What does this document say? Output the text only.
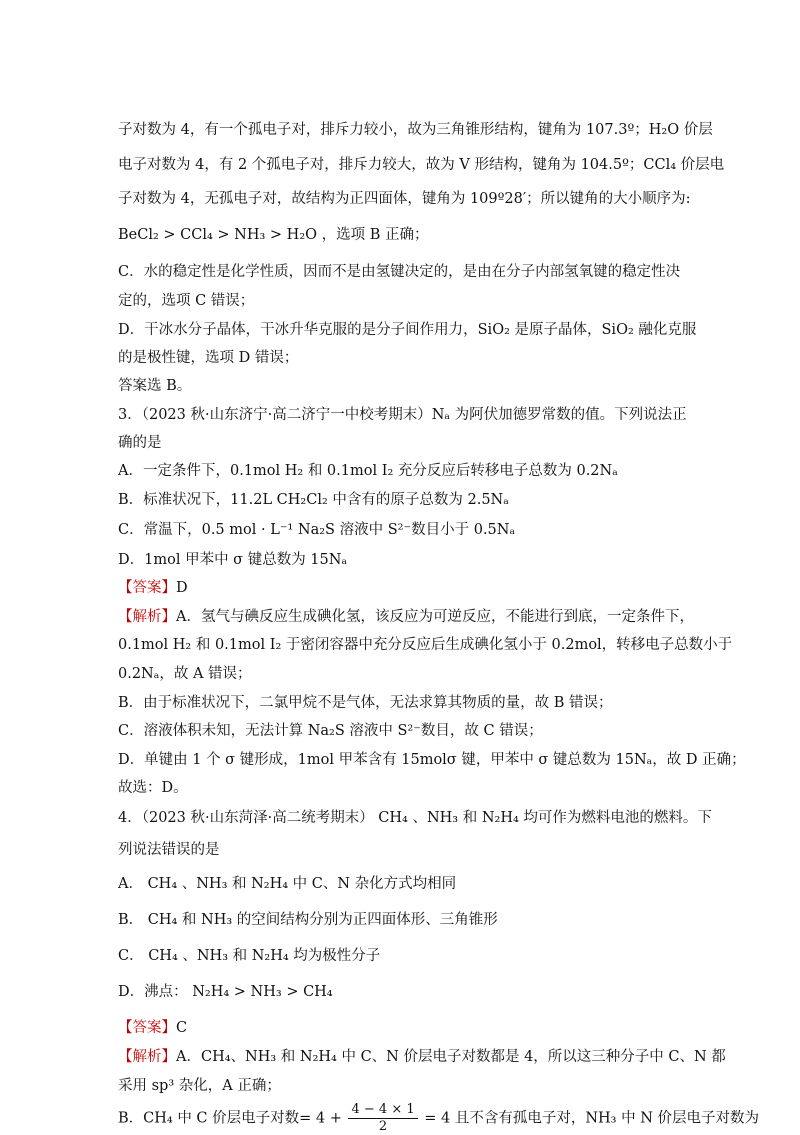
子对数为 4，有一个孤电子对，排斥力较小，故为三角锥形结构，键角为 107.3º；H₂O 价层
电子对数为 4，有 2 个孤电子对，排斥力较大，故为 V 形结构，键角为 104.5º；CCl₄ 价层电
子对数为 4，无孤电子对，故结构为正四面体，键角为 109º28′；所以键角的大小顺序为:
BeCl₂ > CCl₄ > NH₃ > H₂O ，选项 B 正确；
C．水的稳定性是化学性质，因而不是由氢键决定的，是由在分子内部氢氧键的稳定性决
定的，选项 C 错误；
D．干冰水分子晶体，干冰升华克服的是分子间作用力，SiO₂ 是原子晶体，SiO₂ 融化克服
的是极性键，选项 D 错误；
答案选 B。
3．（2023 秋·山东济宁·高二济宁一中校考期末）Nₐ 为阿伏加德罗常数的值。下列说法正
确的是
A．一定条件下，0.1mol H₂ 和 0.1mol I₂ 充分反应后转移电子总数为 0.2Nₐ
B．标准状况下，11.2L CH₂Cl₂ 中含有的原子总数为 2.5Nₐ
C．常温下，0.5 mol · L⁻¹ Na₂S 溶液中 S²⁻数目小于 0.5Nₐ
D．1mol 甲苯中 σ 键总数为 15Nₐ
【答案】D
【解析】A．氢气与碘反应生成碘化氢，该反应为可逆反应，不能进行到底，一定条件下，
0.1mol H₂ 和 0.1mol I₂ 于密闭容器中充分反应后生成碘化氢小于 0.2mol，转移电子总数小于
0.2Nₐ，故 A 错误；
B．由于标准状况下，二氯甲烷不是气体，无法求算其物质的量，故 B 错误；
C．溶液体积未知，无法计算 Na₂S 溶液中 S²⁻数目，故 C 错误；
D．单键由 1 个 σ 键形成，1mol 甲苯含有 15molσ 键，甲苯中 σ 键总数为 15Nₐ，故 D 正确；
故选：D。
4．（2023 秋·山东菏泽·高二统考期末） CH₄ 、NH₃ 和 N₂H₄ 均可作为燃料电池的燃料。下
列说法错误的是
A． CH₄ 、NH₃ 和 N₂H₄ 中 C、N 杂化方式均相同
B． CH₄ 和 NH₃ 的空间结构分别为正四面体形、三角锥形
C． CH₄ 、NH₃ 和 N₂H₄ 均为极性分子
D．沸点： N₂H₄ > NH₃ > CH₄
【答案】C
【解析】A．CH₄、NH₃ 和 N₂H₄ 中 C、N 价层电子对数都是 4，所以这三种分子中 C、N 都
采用 sp³ 杂化，A 正确；
B．CH₄ 中 C 价层电子对数= $4 + \frac{4 - 4 \times 1}{2} = 4$ 且不含有孤电子对，NH₃ 中 N 价层电子对数为
